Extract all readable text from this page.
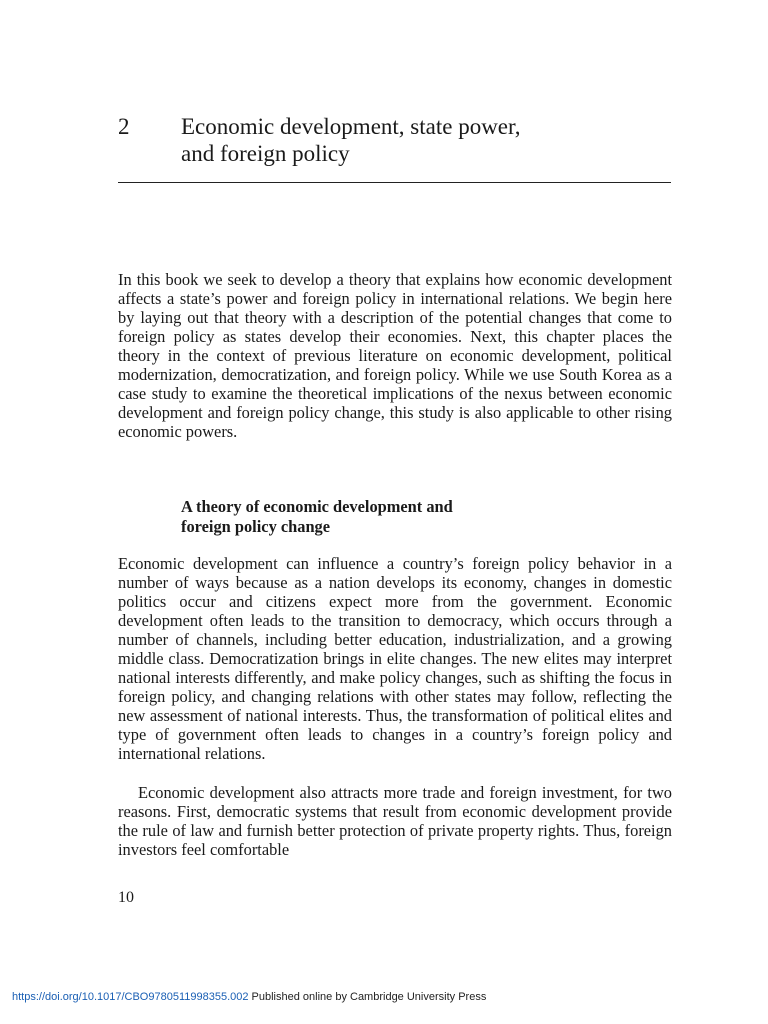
2 Economic development, state power,
and foreign policy

In this book we seek to develop a theory that explains how economic development affects a state’s power and foreign policy in international relations. We begin here by laying out that theory with a description of the potential changes that come to foreign policy as states develop their economies. Next, this chapter places the theory in the context of previous literature on economic development, political modernization, democratization, and foreign policy. While we use South Korea as a case study to examine the theoretical implications of the nexus between economic development and foreign policy change, this study is also applicable to other rising economic powers.

A theory of economic development and
foreign policy change

Economic development can influence a country’s foreign policy behavior in a number of ways because as a nation develops its economy, changes in domestic politics occur and citizens expect more from the government. Economic development often leads to the transition to democracy, which occurs through a number of channels, including better education, industrialization, and a growing middle class. Democratization brings in elite changes. The new elites may interpret national interests differently, and make policy changes, such as shifting the focus in foreign policy, and changing relations with other states may follow, reflecting the new assessment of national interests. Thus, the transformation of political elites and type of government often leads to changes in a country’s foreign policy and international relations.

Economic development also attracts more trade and foreign investment, for two reasons. First, democratic systems that result from economic development provide the rule of law and furnish better protection of private property rights. Thus, foreign investors feel comfortable

10
https://doi.org/10.1017/CBO9780511998355.002 Published online by Cambridge University Press
